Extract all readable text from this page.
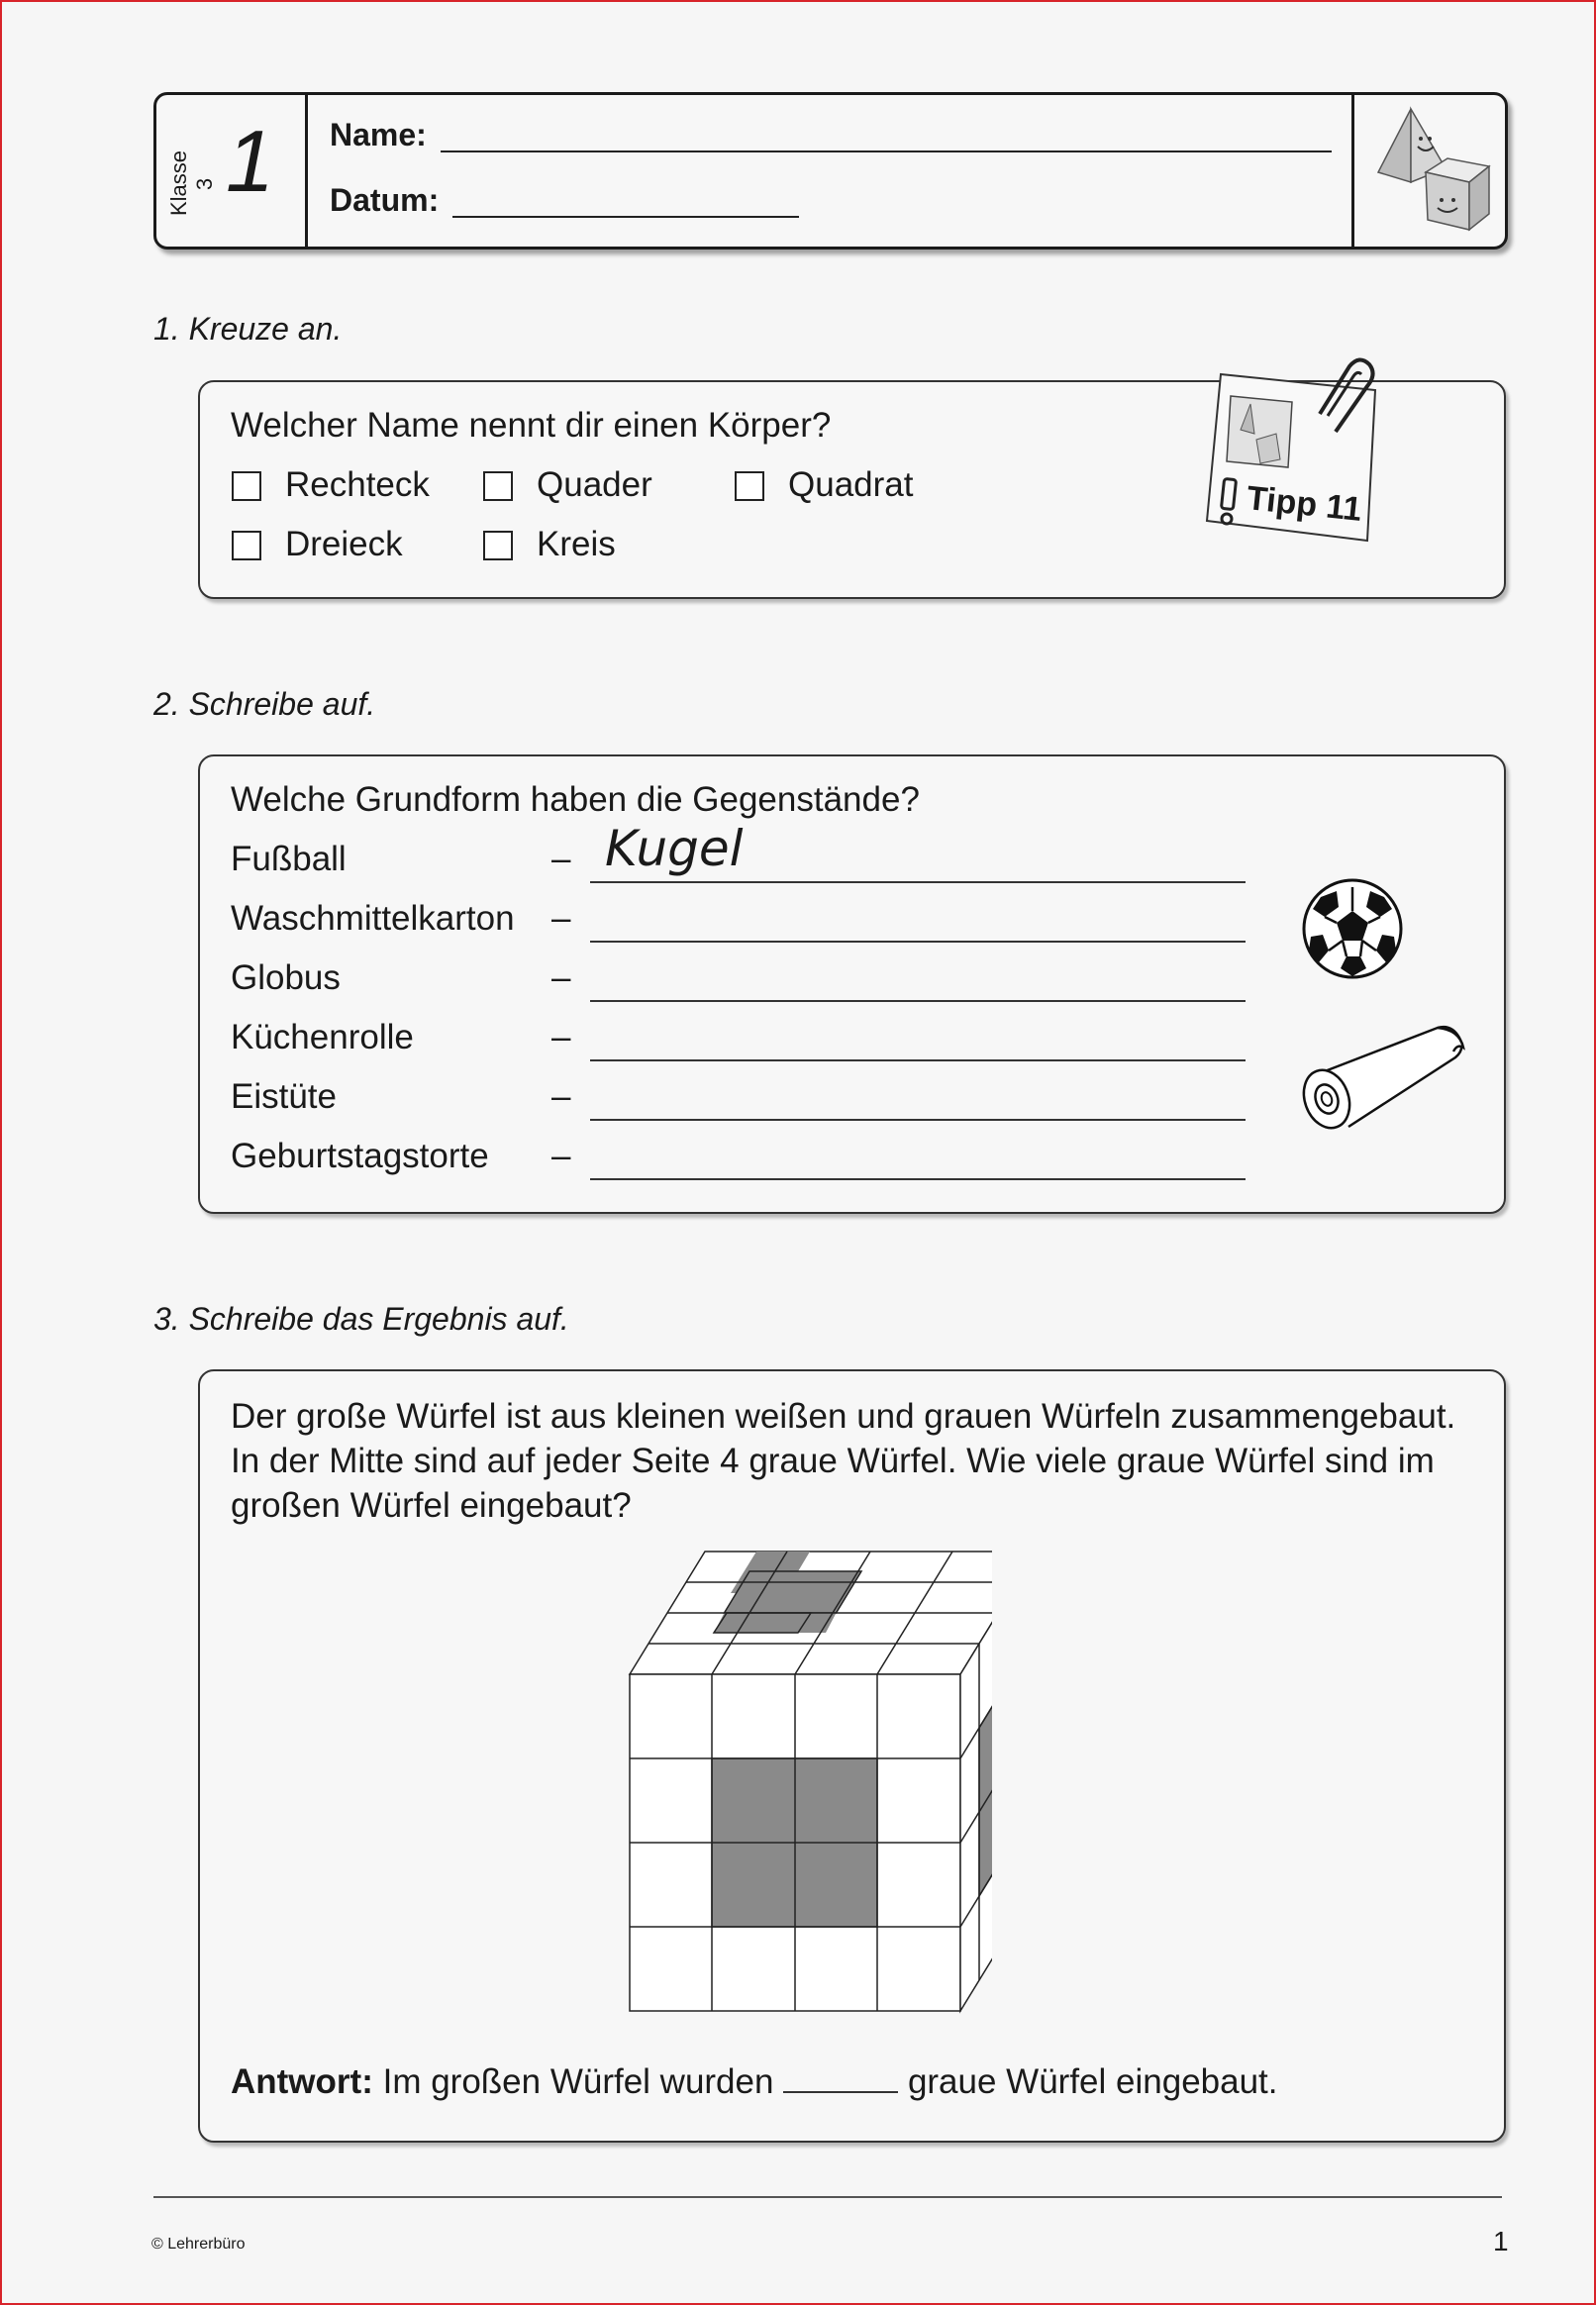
Klasse 3 1 Name:
Datum:
1. Kreuze an.
Welcher Name nennt dir einen Körper?
Rechteck	Quader	Quadrat
Dreieck	Kreis
Tipp 11
2. Schreibe auf.
Welche Grundform haben die Gegenstände?
Fußball	– Kugel
Waschmittelkarton –
Globus	–
Küchenrolle	–
Eistüte	–
Geburtstagstorte –
3. Schreibe das Ergebnis auf.
Der große Würfel ist aus kleinen weißen und grauen Würfeln zusammengebaut.
In der Mitte sind auf jeder Seite 4 graue Würfel. Wie viele graue Würfel sind im
großen Würfel eingebaut?
Antwort: Im großen Würfel wurden	graue Würfel eingebaut.
© Lehrerbüro	1
